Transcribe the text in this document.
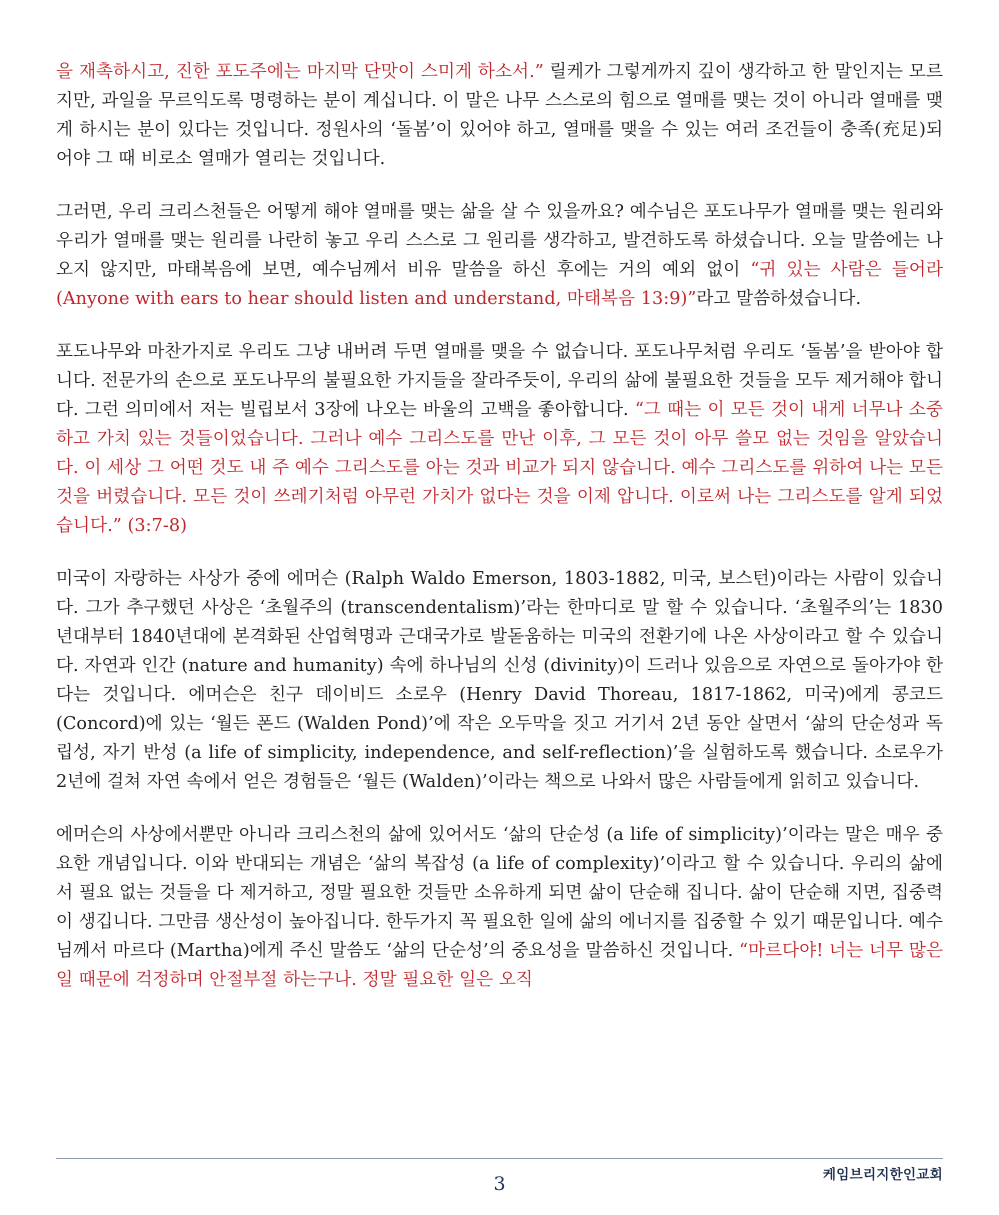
을 재촉하시고, 진한 포도주에는 마지막 단맛이 스미게 하소서.” 릴케가 그렇게까지 깊이 생각하고 한 말인지는 모르지만, 과일을 무르익도록 명령하는 분이 계십니다. 이 말은 나무 스스로의 힘으로 열매를 맺는 것이 아니라 열매를 맺게 하시는 분이 있다는 것입니다. 정원사의 ‘돌봄’이 있어야 하고, 열매를 맺을 수 있는 여러 조건들이 충족(充足)되어야 그 때 비로소 열매가 열리는 것입니다.

그러면, 우리 크리스천들은 어떻게 해야 열매를 맺는 삶을 살 수 있을까요? 예수님은 포도나무가 열매를 맺는 원리와 우리가 열매를 맺는 원리를 나란히 놓고 우리 스스로 그 원리를 생각하고, 발견하도록 하셨습니다. 오늘 말씀에는 나오지 않지만, 마태복음에 보면, 예수님께서 비유 말씀을 하신 후에는 거의 예외 없이 “귀 있는 사람은 들어라 (Anyone with ears to hear should listen and understand, 마태복음 13:9)”라고 말씀하셨습니다.

포도나무와 마찬가지로 우리도 그냥 내버려 두면 열매를 맺을 수 없습니다. 포도나무처럼 우리도 ‘돌봄’을 받아야 합니다. 전문가의 손으로 포도나무의 불필요한 가지들을 잘라주듯이, 우리의 삶에 불필요한 것들을 모두 제거해야 합니다. 그런 의미에서 저는 빌립보서 3장에 나오는 바울의 고백을 좋아합니다. “그 때는 이 모든 것이 내게 너무나 소중하고 가치 있는 것들이었습니다. 그러나 예수 그리스도를 만난 이후, 그 모든 것이 아무 쓸모 없는 것임을 알았습니다. 이 세상 그 어떤 것도 내 주 예수 그리스도를 아는 것과 비교가 되지 않습니다. 예수 그리스도를 위하여 나는 모든 것을 버렸습니다. 모든 것이 쓰레기처럼 아무런 가치가 없다는 것을 이제 압니다. 이로써 나는 그리스도를 알게 되었습니다.” (3:7-8)

미국이 자랑하는 사상가 중에 에머슨 (Ralph Waldo Emerson, 1803-1882, 미국, 보스턴)이라는 사람이 있습니다. 그가 추구했던 사상은 ‘초월주의 (transcendentalism)’라는 한마디로 말 할 수 있습니다. ‘초월주의’는 1830년대부터 1840년대에 본격화된 산업혁명과 근대국가로 발돋움하는 미국의 전환기에 나온 사상이라고 할 수 있습니다. 자연과 인간 (nature and humanity) 속에 하나님의 신성 (divinity)이 드러나 있음으로 자연으로 돌아가야 한다는 것입니다. 에머슨은 친구 데이비드 소로우 (Henry David Thoreau, 1817-1862, 미국)에게 콩코드 (Concord)에 있는 ‘월든 폰드 (Walden Pond)’에 작은 오두막을 짓고 거기서 2년 동안 살면서 ‘삶의 단순성과 독립성, 자기 반성 (a life of simplicity, independence, and self-reflection)’을 실험하도록 했습니다. 소로우가 2년에 걸쳐 자연 속에서 얻은 경험들은 ‘월든 (Walden)’이라는 책으로 나와서 많은 사람들에게 읽히고 있습니다.

에머슨의 사상에서뿐만 아니라 크리스천의 삶에 있어서도 ‘삶의 단순성 (a life of simplicity)’이라는 말은 매우 중요한 개념입니다. 이와 반대되는 개념은 ‘삶의 복잡성 (a life of complexity)’이라고 할 수 있습니다. 우리의 삶에서 필요 없는 것들을 다 제거하고, 정말 필요한 것들만 소유하게 되면 삶이 단순해 집니다. 삶이 단순해 지면, 집중력이 생깁니다. 그만큼 생산성이 높아집니다. 한두가지 꼭 필요한 일에 삶의 에너지를 집중할 수 있기 때문입니다. 예수님께서 마르다 (Martha)에게 주신 말씀도 ‘삶의 단순성’의 중요성을 말씀하신 것입니다. “마르다야! 너는 너무 많은 일 때문에 걱정하며 안절부절 하는구나. 정말 필요한 일은 오직

케임브리지한인교회
3
